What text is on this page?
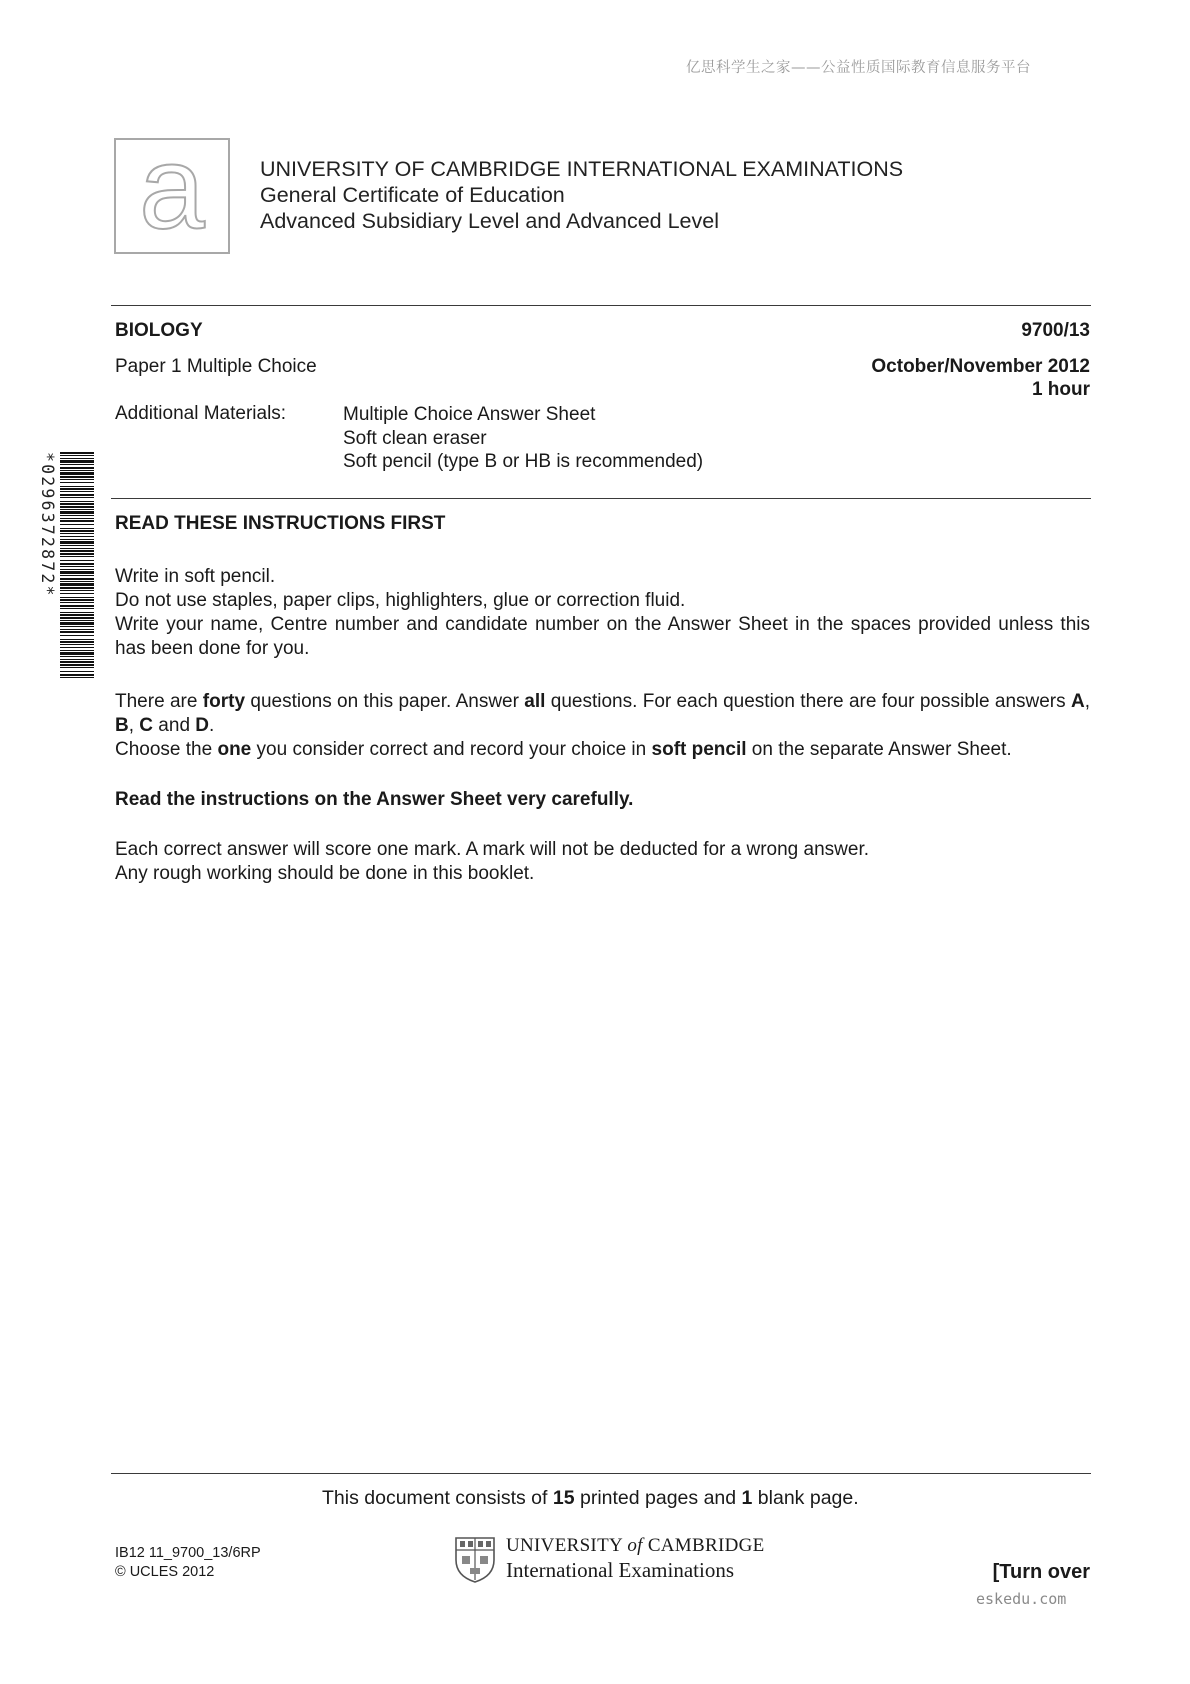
亿思科学生之家——公益性质国际教育信息服务平台
a	UNIVERSITY OF CAMBRIDGE INTERNATIONAL EXAMINATIONS
General Certificate of Education
Advanced Subsidiary Level and Advanced Level
BIOLOGY	9700/13
Paper 1 Multiple Choice	October/November 2012
1 hour
Additional Materials:	Multiple Choice Answer Sheet
Soft clean eraser
Soft pencil (type B or HB is recommended)
*0296372872*	READ THESE INSTRUCTIONS FIRST
Write in soft pencil.
Do not use staples, paper clips, highlighters, glue or correction fluid.
Write your name, Centre number and candidate number on the Answer Sheet in the spaces provided unless this has been done for you.
There are forty questions on this paper. Answer all questions. For each question there are four possible answers A, B, C and D.
Choose the one you consider correct and record your choice in soft pencil on the separate Answer Sheet.
Read the instructions on the Answer Sheet very carefully.
Each correct answer will score one mark. A mark will not be deducted for a wrong answer.
Any rough working should be done in this booklet.
This document consists of 15 printed pages and 1 blank page.
IB12 11_9700_13/6RP
© UCLES 2012
UNIVERSITY of CAMBRIDGE
International Examinations	[Turn over
eskedu.com
